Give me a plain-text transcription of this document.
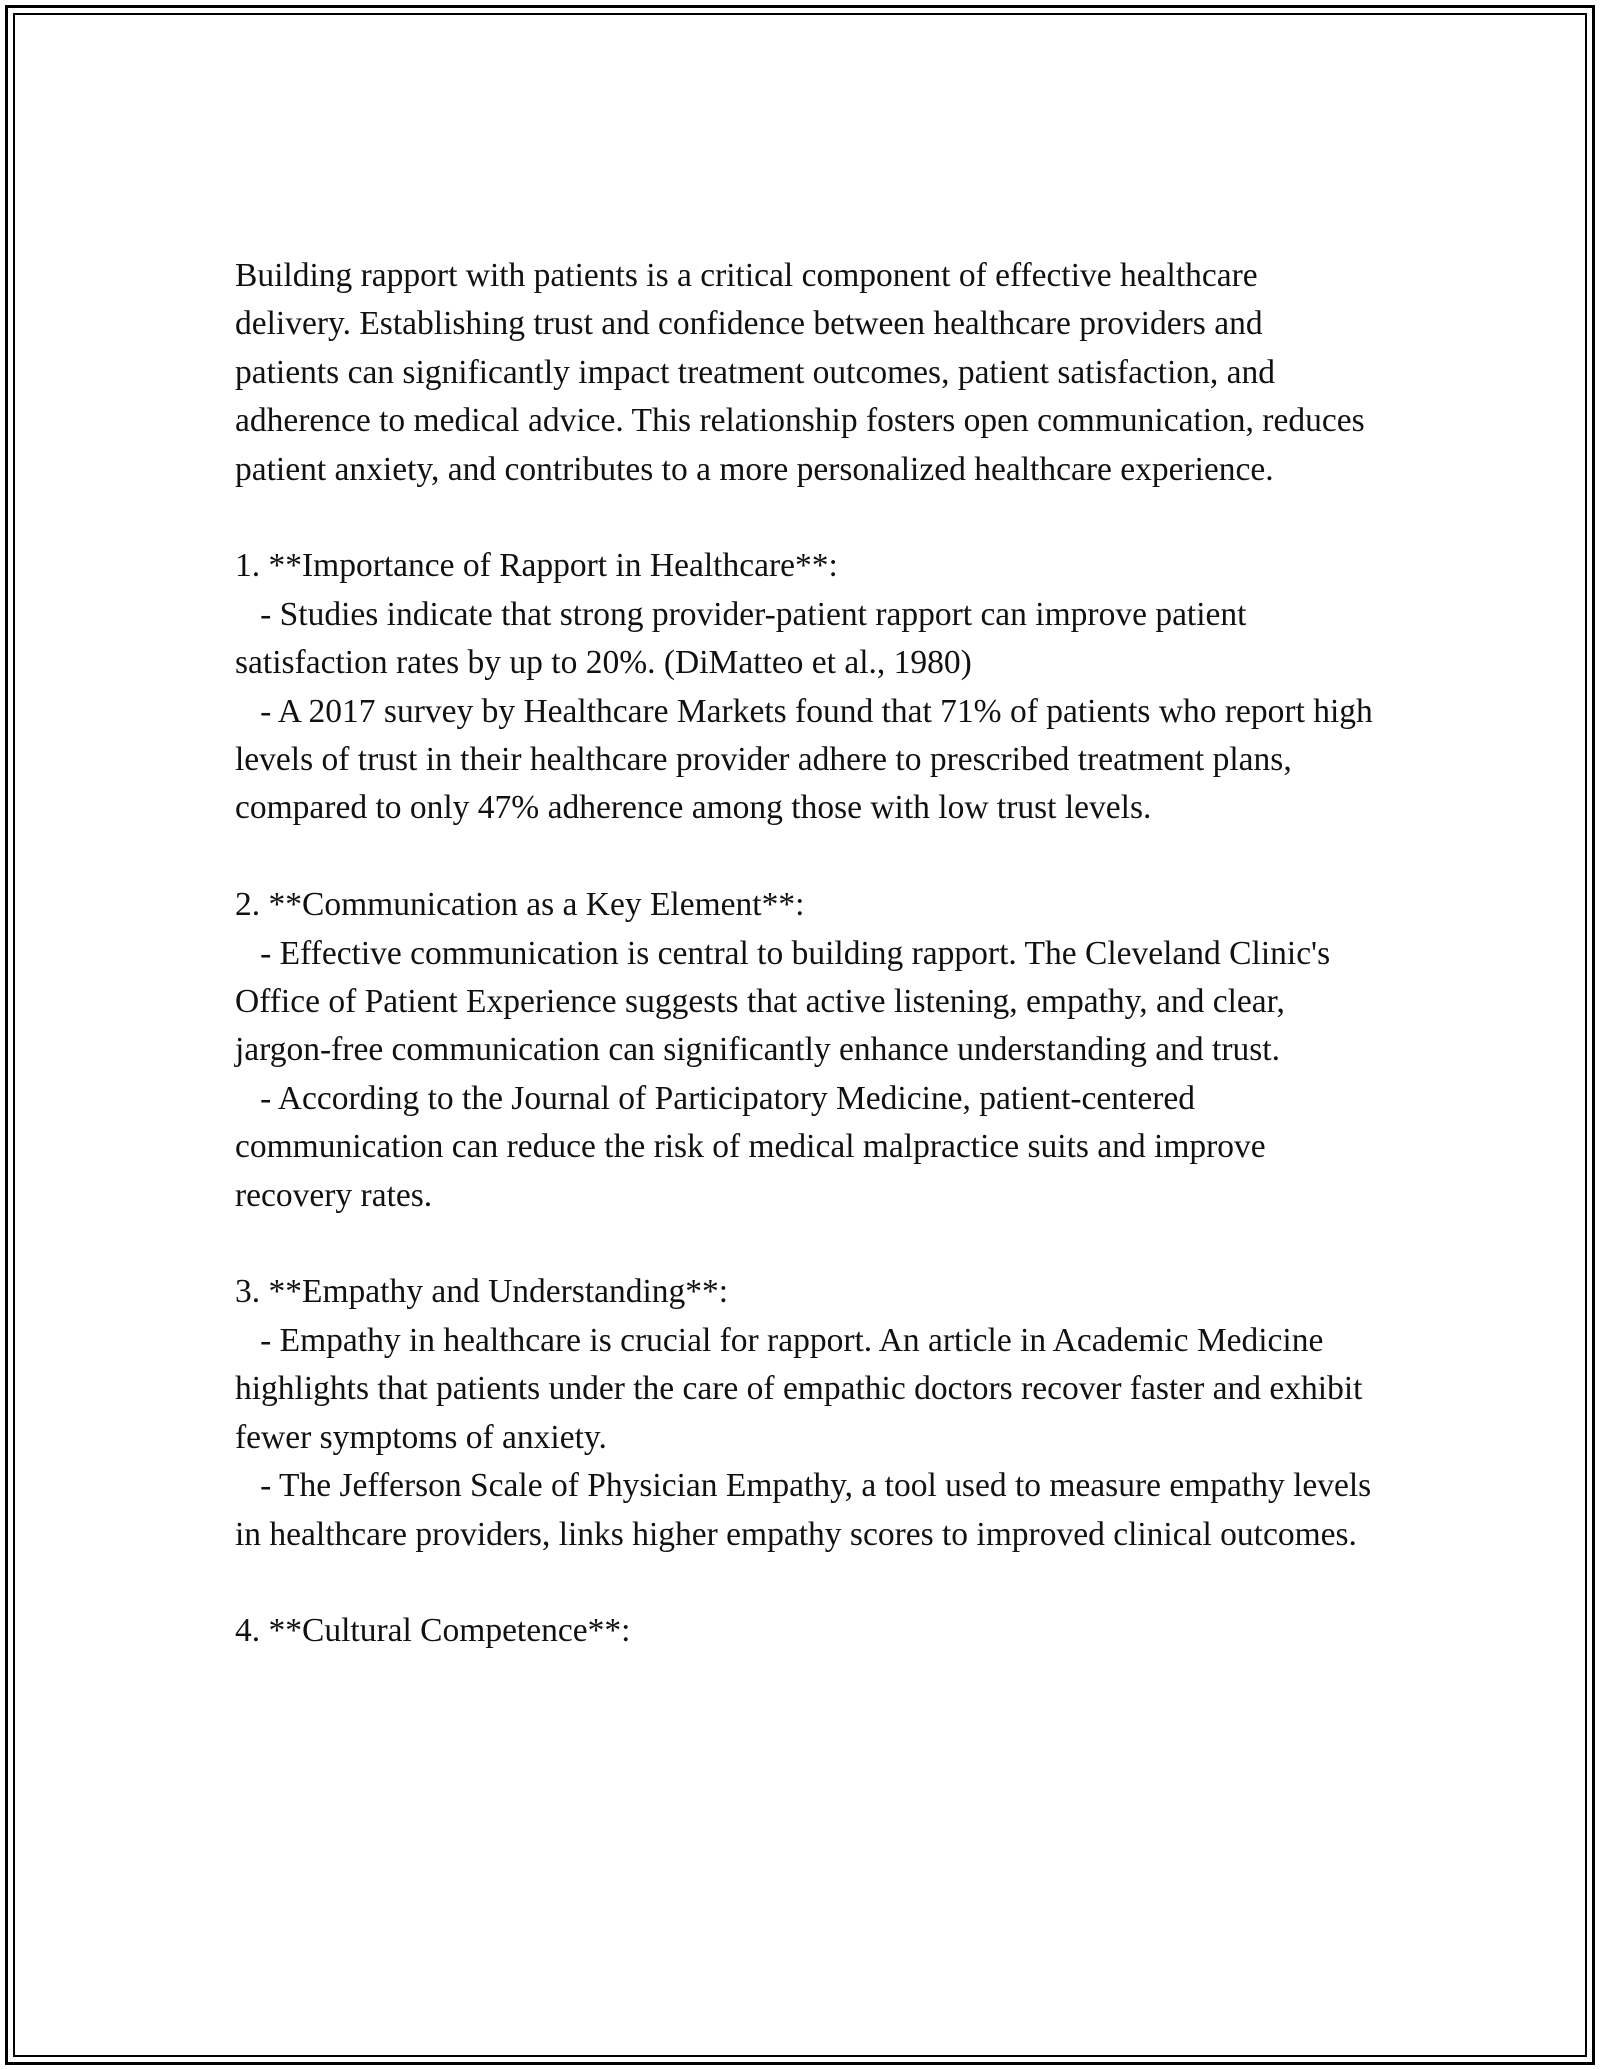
Building rapport with patients is a critical component of effective healthcare delivery. Establishing trust and confidence between healthcare providers and patients can significantly impact treatment outcomes, patient satisfaction, and adherence to medical advice. This relationship fosters open communication, reduces patient anxiety, and contributes to a more personalized healthcare experience.

1. **Importance of Rapport in Healthcare**:

- Studies indicate that strong provider-patient rapport can improve patient satisfaction rates by up to 20%. (DiMatteo et al., 1980)

- A 2017 survey by Healthcare Markets found that 71% of patients who report high levels of trust in their healthcare provider adhere to prescribed treatment plans, compared to only 47% adherence among those with low trust levels.

2. **Communication as a Key Element**:

- Effective communication is central to building rapport. The Cleveland Clinic's Office of Patient Experience suggests that active listening, empathy, and clear, jargon-free communication can significantly enhance understanding and trust.

- According to the Journal of Participatory Medicine, patient-centered communication can reduce the risk of medical malpractice suits and improve recovery rates.

3. **Empathy and Understanding**:

- Empathy in healthcare is crucial for rapport. An article in Academic Medicine highlights that patients under the care of empathic doctors recover faster and exhibit fewer symptoms of anxiety.

- The Jefferson Scale of Physician Empathy, a tool used to measure empathy levels in healthcare providers, links higher empathy scores to improved clinical outcomes.

4. **Cultural Competence**:
